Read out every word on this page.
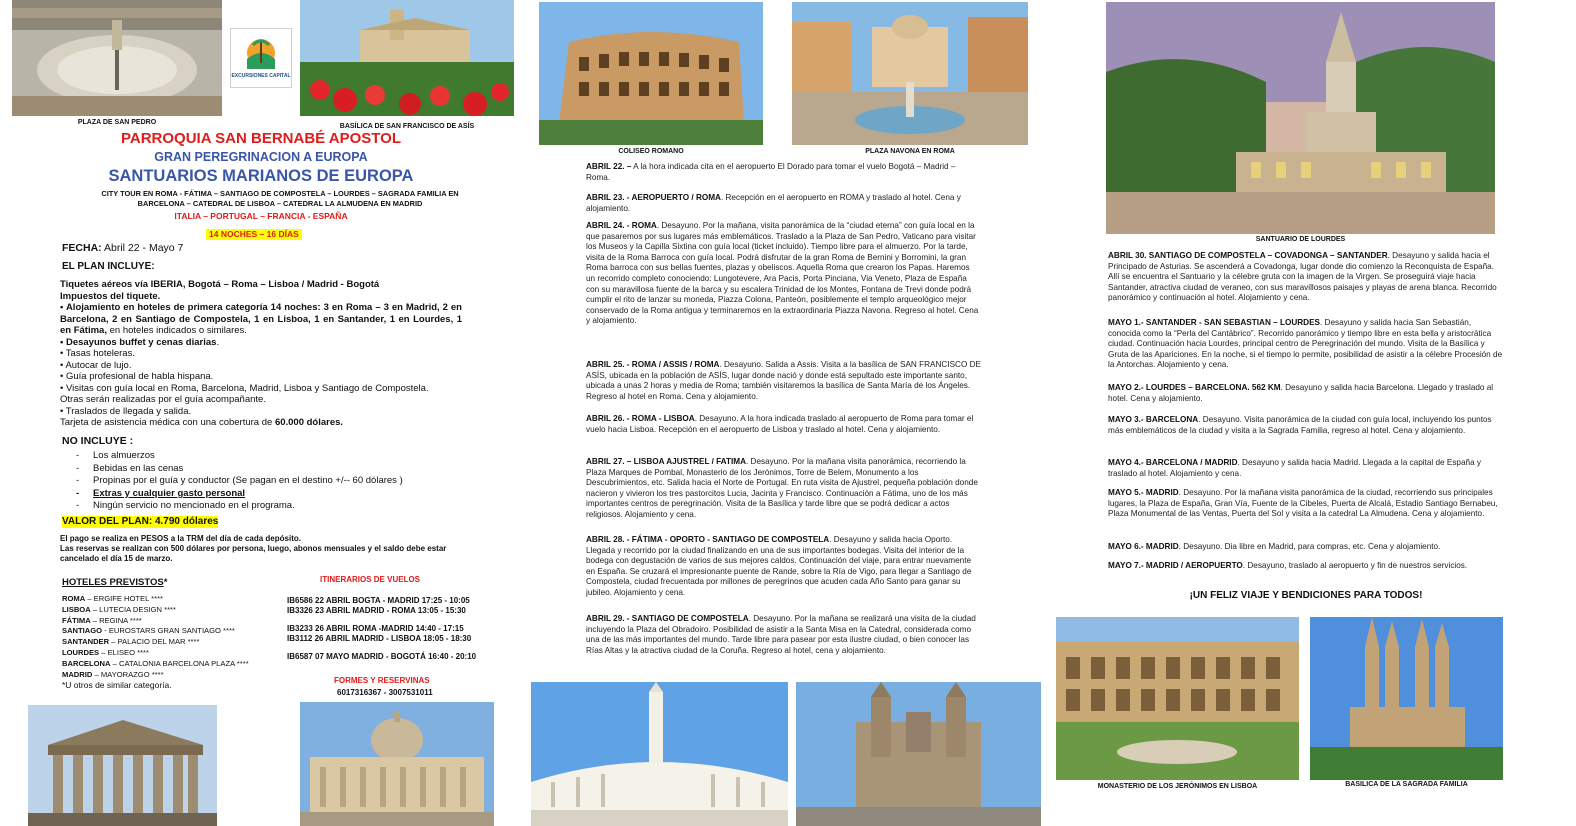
EXCURSIONES CAPITAL
PLAZA DE SAN PEDRO
BASÍLICA DE SAN FRANCISCO DE ASÍS
PARROQUIA SAN BERNABÉ APOSTOL
GRAN PEREGRINACION A EUROPA
SANTUARIOS MARIANOS DE EUROPA
CITY TOUR EN ROMA - FÁTIMA – SANTIAGO DE COMPOSTELA – LOURDES – SAGRADA FAMILIA EN BARCELONA – CATEDRAL DE LISBOA – CATEDRAL LA ALMUDENA EN MADRID
ITALIA – PORTUGAL – FRANCIA - ESPAÑA
14 NOCHES – 16 DÍAS
FECHA: Abril 22 - Mayo 7
EL PLAN INCLUYE:
Tiquetes aéreos vía IBERIA, Bogotá – Roma – Lisboa / Madrid - Bogotá
Impuestos del tiquete.
• Alojamiento en hoteles de primera categoría 14 noches: 3 en Roma – 3 en Madrid, 2 en Barcelona, 2 en Santiago de Compostela, 1 en Lisboa, 1 en Santander, 1 en Lourdes, 1 en Fátima, en hoteles indicados o similares.
• Desayunos buffet y cenas diarias.
• Tasas hoteleras.
• Autocar de lujo.
• Guía profesional de habla hispana.
• Visitas con guía local en Roma, Barcelona, Madrid, Lisboa y Santiago de Compostela.
Otras serán realizadas por el guía acompañante.
• Traslados de llegada y salida.
Tarjeta de asistencia médica con una cobertura de 60.000 dólares.
NO INCLUYE :
- Los almuerzos
- Bebidas en las cenas
- Propinas por el guía y conductor (Se pagan en el destino +/-- 60 dólares )
- Extras y cualquier gasto personal
- Ningún servicio no mencionado en el programa.
VALOR DEL PLAN: 4.790 dólares
El pago se realiza en PESOS a la TRM del día de cada depósito.
Las reservas se realizan con 500 dólares por persona, luego, abonos mensuales y el saldo debe estar cancelado el día 15 de marzo.
HOTELES PREVISTOS*
ROMA – ERGIFE HOTEL ****
LISBOA – LUTECIA DESIGN ****
FÁTIMA – REGINA ****
SANTIAGO - EUROSTARS GRAN SANTIAGO ****
SANTANDER – PALACIO DEL MAR ****
LOURDES – ELISEO ****
BARCELONA – CATALONIA BARCELONA PLAZA ****
MADRID – MAYORAZGO ****
*U otros de similar categoría.
ITINERARIOS DE VUELOS
IB6586 22 ABRIL BOGTA - MADRID 17:25 - 10:05
IB3326 23 ABRIL MADRID - ROMA 13:05 - 15:30
IB3233 26 ABRIL ROMA -MADRID 14:40 - 17:15
IB3112 26 ABRIL MADRID - LISBOA 18:05 - 18:30
IB6587 07 MAYO MADRID - BOGOTÁ 16:40 - 20:10
FORMES Y RESERVINAS
6017316367 - 3007531011
COLISEO ROMANO	PLAZA NAVONA EN ROMA
ABRIL 22. – A la hora indicada cita en el aeropuerto El Dorado para tomar el vuelo Bogotá – Madrid – Roma.
ABRIL 23. - AEROPUERTO / ROMA. Recepción en el aeropuerto en ROMA y traslado al hotel. Cena y alojamiento.
ABRIL 24. - ROMA. Desayuno. Por la mañana, visita panorámica de la “ciudad eterna” con guía local en la que pasaremos por sus lugares más emblemáticos. Traslado a la Plaza de San Pedro, Vaticano para visitar los Museos y la Capilla Sixtina con guía local (ticket incluido). Tiempo libre para el almuerzo. Por la tarde, visita de la Roma Barroca con guía local. Podrá disfrutar de la gran Roma de Bernini y Borromini, la gran Roma barroca con sus bellas fuentes, plazas y obeliscos. Aquella Roma que crearon los Papas. Haremos un recorrido completo conociendo: Lungotevere, Ara Pacis, Porta Pinciana, Via Veneto, Plaza de España con su maravillosa fuente de la barca y su escalera Trinidad de los Montes, Fontana de Trevi donde podrá cumplir el rito de lanzar su moneda, Piazza Colona, Panteón, posiblemente el templo arqueológico mejor conservado de la Roma antigua y terminaremos en la extraordinaria Piazza Navona. Regreso al hotel. Cena y alojamiento.
ABRIL 25. - ROMA / ASSIS / ROMA. Desayuno. Salida a Assis. Visita a la basílica de SAN FRANCISCO DE ASÍS, ubicada en la población de ASÍS, lugar donde nació y donde está sepultado este importante santo, ubicada a unas 2 horas y media de Roma; también visitaremos la basílica de Santa María de los Ángeles. Regreso al hotel en Roma. Cena y alojamiento.
ABRIL 26. - ROMA - LISBOA. Desayuno. A la hora indicada traslado al aeropuerto de Roma para tomar el vuelo hacia Lisboa. Recepción en el aeropuerto de Lisboa y traslado al hotel. Cena y alojamiento.
ABRIL 27. – LISBOA AJUSTREL / FATIMA. Desayuno. Por la mañana visita panorámica, recorriendo la Plaza Marques de Pombal, Monasterio de los Jerónimos, Torre de Belem, Monumento a los Descubrimientos, etc. Salida hacia el Norte de Portugal. En ruta visita de Ajustrel, pequeña población donde nacieron y vivieron los tres pastorcitos Lucia, Jacinta y Francisco. Continuación a Fátima, uno de los más importantes centros de peregrinación. Visita de la Basílica y tarde libre que se podrá dedicar a actos religiosos. Alojamiento y cena.
ABRIL 28. - FÁTIMA - OPORTO - SANTIAGO DE COMPOSTELA. Desayuno y salida hacia Oporto. Llegada y recorrido por la ciudad finalizando en una de sus importantes bodegas. Visita del interior de la bodega con degustación de varios de sus mejores caldos. Continuación del viaje, para entrar nuevamente en España. Se cruzará el impresionante puente de Rande, sobre la Ría de Vigo, para llegar a Santiago de Compostela, ciudad frecuentada por millones de peregrinos que acuden cada Año Santo para ganar su jubileo. Alojamiento y cena.
ABRIL 29. - SANTIAGO DE COMPOSTELA. Desayuno. Por la mañana se realizará una visita de la ciudad incluyendo la Plaza del Obradoiro. Posibilidad de asistir a la Santa Misa en la Catedral, considerada como una de las más importantes del mundo. Tarde libre para pasear por esta ilustre ciudad, o bien conocer las Rías Altas y la atractiva ciudad de la Coruña. Regreso al hotel, cena y alojamiento.
SANTUARIO DE LOURDES
ABRIL 30. SANTIAGO DE COMPOSTELA – COVADONGA – SANTANDER. Desayuno y salida hacia el Principado de Asturias. Se ascenderá a Covadonga, lugar donde dio comienzo la Reconquista de España. Allí se encuentra el Santuario y la célebre gruta con la imagen de la Virgen. Se proseguirá viaje hacia Santander, atractiva ciudad de veraneo, con sus maravillosos paisajes y playas de arena blanca. Recorrido panorámico y continuación al hotel. Alojamiento y cena.
MAYO 1.- SANTANDER - SAN SEBASTIAN – LOURDES. Desayuno y salida hacia San Sebastián, conocida como la “Perla del Cantábrico”. Recorrido panorámico y tiempo libre en esta bella y aristocrática ciudad. Continuación hacia Lourdes, principal centro de Peregrinación del mundo. Visita de la Basílica y Gruta de las Apariciones. En la noche, si el tiempo lo permite, posibilidad de asistir a la célebre Procesión de la Antorchas. Alojamiento y cena.
MAYO 2.- LOURDES – BARCELONA. 562 KM. Desayuno y salida hacia Barcelona. Llegado y traslado al hotel. Cena y alojamiento.
MAYO 3.- BARCELONA. Desayuno. Visita panorámica de la ciudad con guía local, incluyendo los puntos más emblemáticos de la ciudad y visita a la Sagrada Familia, regreso al hotel. Cena y alojamiento.
MAYO 4.- BARCELONA / MADRID. Desayuno y salida hacia Madrid. Llegada a la capital de España y traslado al hotel. Alojamiento y cena.
MAYO 5.- MADRID. Desayuno. Por la mañana visita panorámica de la ciudad, recorriendo sus principales lugares, la Plaza de España, Gran Vía, Fuente de la Cibeles, Puerta de Alcalá, Estadio Santiago Bernabeu, Plaza Monumental de las Ventas, Puerta del Sol y visita a la catedral La Almudena. Cena y alojamiento.
MAYO 6.- MADRID. Desayuno. Dia libre en Madrid, para compras, etc. Cena y alojamiento.
MAYO 7.- MADRID / AEROPUERTO. Desayuno, traslado al aeropuerto y fin de nuestros servicios.
¡UN FELIZ VIAJE Y BENDICIONES PARA TODOS!
MONASTERIO DE LOS JERÓNIMOS EN LISBOA	BASILICA DE LA SAGRADA FAMILIA
